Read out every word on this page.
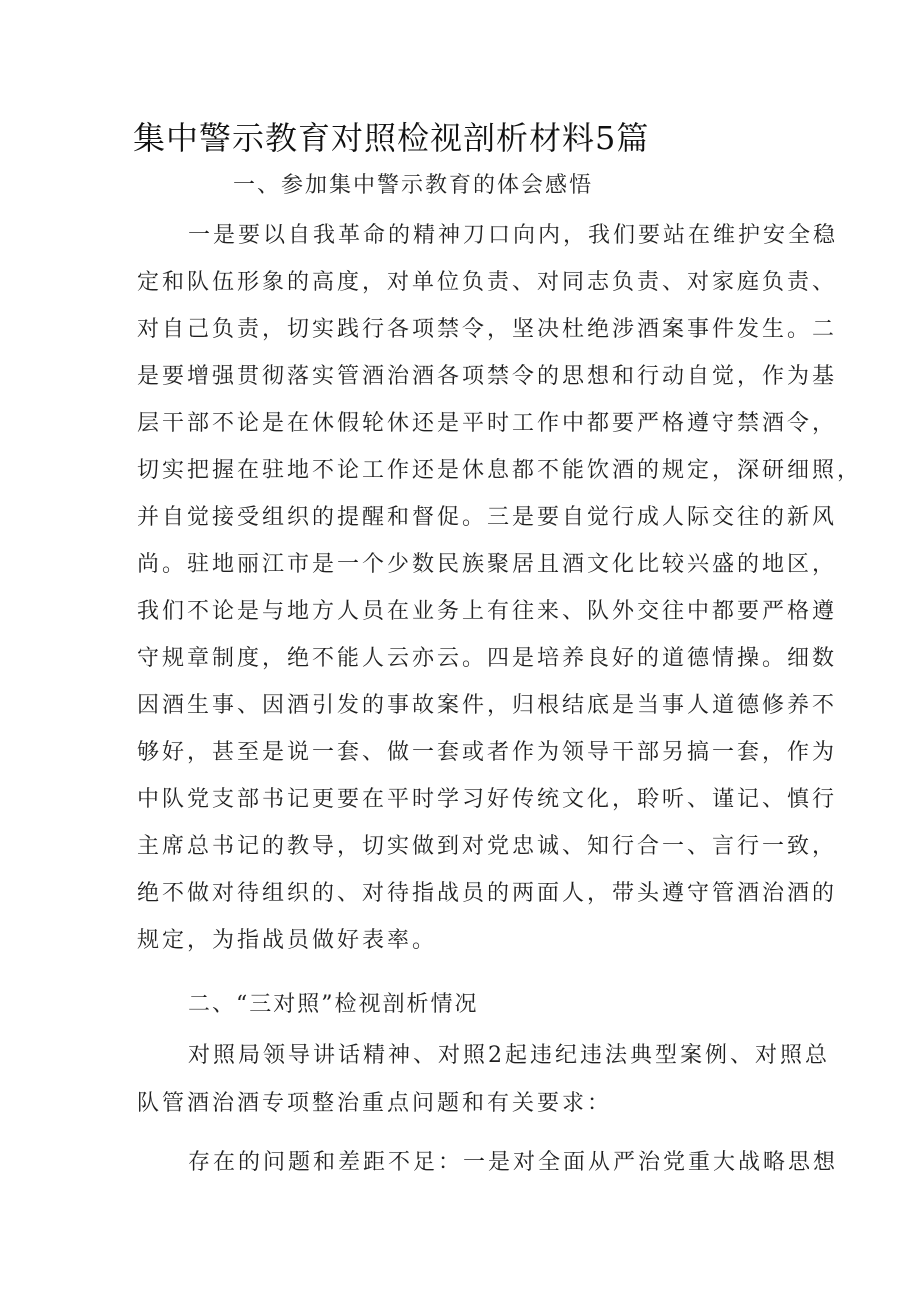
集中警示教育对照检视剖析材料5篇
一、参加集中警示教育的体会感悟
一是要以自我革命的精神刀口向内，我们要站在维护安全稳
定和队伍形象的高度，对单位负责、对同志负责、对家庭负责、
对自己负责，切实践行各项禁令，坚决杜绝涉酒案事件发生。二
是要增强贯彻落实管酒治酒各项禁令的思想和行动自觉，作为基
层干部不论是在休假轮休还是平时工作中都要严格遵守禁酒令，
切实把握在驻地不论工作还是休息都不能饮酒的规定，深研细照，
并自觉接受组织的提醒和督促。三是要自觉行成人际交往的新风
尚。驻地丽江市是一个少数民族聚居且酒文化比较兴盛的地区，
我们不论是与地方人员在业务上有往来、队外交往中都要严格遵
守规章制度，绝不能人云亦云。四是培养良好的道德情操。细数
因酒生事、因酒引发的事故案件，归根结底是当事人道德修养不
够好，甚至是说一套、做一套或者作为领导干部另搞一套，作为
中队党支部书记更要在平时学习好传统文化，聆听、谨记、慎行
主席总书记的教导，切实做到对党忠诚、知行合一、言行一致，
绝不做对待组织的、对待指战员的两面人，带头遵守管酒治酒的
规定，为指战员做好表率。
二、“三对照”检视剖析情况
对照局领导讲话精神、对照2起违纪违法典型案例、对照总
队管酒治酒专项整治重点问题和有关要求：
存在的问题和差距不足：一是对全面从严治党重大战略思想
